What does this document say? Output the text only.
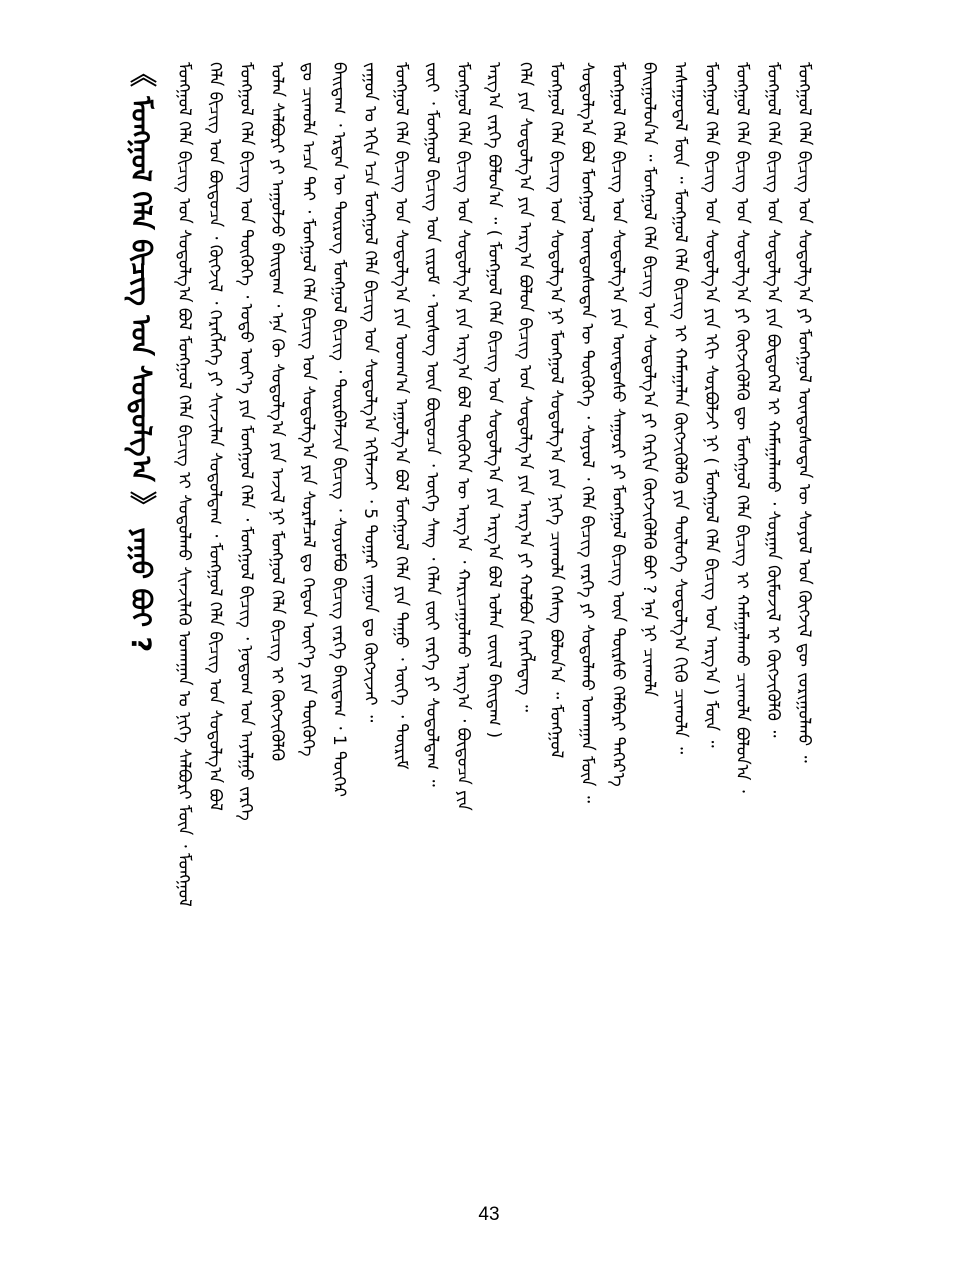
《 ᠮᠣᠩᠭᠣᠯ ᠬᠡᠯᠡ ᠪᠢᠴᠢᠭ ᠤᠨ ᠰᠤᠳᠤᠯᠭ᠎ᠠ 》 ᠶᠠᠭᠤ ᠪᠤᠢ ?	ᠮᠣᠩᠭᠣᠯ ᠬᠡᠯᠡ ᠪᠢᠴᠢᠭ ᠤᠨ ᠰᠤᠳᠤᠯᠭ᠎ᠠ ᠪᠣᠯ ᠮᠣᠩᠭᠣᠯ ᠬᠡᠯᠡ ᠪᠢᠴᠢᠭ ᠢ ᠰᠤᠳᠤᠯᠬᠤ ᠰᠢᠨᠵᠢᠯᠡᠬᠦ ᠤᠬᠠᠭᠠᠨ ᠤ ᠨᠢᠭᠡ ᠰᠠᠯᠪᠤᠷᠢ ᠮᠥᠨ ᠂ ᠮᠣᠩᠭᠣᠯ ᠬᠡᠯᠡ ᠪᠢᠴᠢᠭ ᠤᠨ ᠪᠦᠲᠦᠴᠡ ᠂ ᠬᠦᠭᠵᠢᠯ ᠂ ᠬᠡᠷᠡᠭᠯᠡᠭᠡ ᠶᠢ ᠰᠢᠨᠵᠢᠯᠡᠨ ᠰᠤᠳᠤᠯᠳᠠᠭ ᠂ ᠮᠣᠩᠭᠣᠯ ᠬᠡᠯᠡ ᠪᠢᠴᠢᠭ ᠤᠨ ᠰᠤᠳᠤᠯᠭ᠎ᠠ ᠪᠣᠯ ᠮᠣᠩᠭᠣᠯ ᠬᠡᠯᠡ ᠪᠢᠴᠢᠭ ᠤᠨ ᠲᠦᠭᠦᠬᠡ ᠂ ᠣᠳᠣ ᠦᠶ᠎ᠡ ᠶᠢᠨ ᠮᠣᠩᠭᠣᠯ ᠬᠡᠯᠡ ᠂ ᠮᠣᠩᠭᠣᠯ ᠪᠢᠴᠢᠭ ᠂ ᠨᠤᠲᠤᠭ ᠤᠨ ᠠᠶᠠᠯᠭᠤ ᠵᠡᠷᠭᠡ ᠣᠯᠠᠨ ᠰᠠᠯᠪᠤᠷᠢ ᠶᠢ ᠠᠭᠤᠯᠵᠤ ᠪᠠᠢᠳᠠᠭ ᠂ ᠡᠨᠡ ᠬᠦ ᠰᠤᠳᠤᠯᠭ᠎ᠠ ᠶᠢᠨ ᠠᠵᠢᠯ ᠨᠢ ᠮᠣᠩᠭᠣᠯ ᠬᠡᠯᠡ ᠪᠢᠴᠢᠭ ᠢ ᠬᠥᠭᠵᠢᠭᠦᠯᠬᠦ ᠳᠤ ᠴᠢᠬᠤᠯᠠ ᠠᠴᠠ ᠲᠠᠢ ᠂ ᠮᠣᠩᠭᠣᠯ ᠬᠡᠯᠡ ᠪᠢᠴᠢᠭ ᠤᠨ ᠰᠤᠳᠤᠯᠭ᠎ᠠ ᠶᠢᠨ ᠰᠤᠷᠠᠯᠴᠠᠯ ᠳᠤ ᠬᠡᠳᠦᠨ ᠦᠶ᠎ᠡ ᠶᠢᠨ ᠲᠦᠭᠦᠬᠡ ᠪᠠᠢᠳᠠᠭ ᠂ ᠡᠷᠲᠡᠨ ᠦ ᠲᠦᠷᠦᠭ ᠮᠣᠩᠭᠣᠯ ᠪᠢᠴᠢᠭ ᠂ ᠳᠥᠷᠪᠡᠯᠵᠢᠨ ᠪᠢᠴᠢᠭ ᠂ ᠰᠣᠶᠤᠮᠪᠤ ᠪᠢᠴᠢᠭ ᠵᠡᠷᠭᠡ ᠪᠠᠢᠳᠠᠭ ᠂ 1 ᠳᠦᠭᠡᠷ ᠵᠠᠭᠤᠨ ᠤ ᠡᠬᠢᠨ ᠡᠴᠡ ᠮᠣᠩᠭᠣᠯ ᠬᠡᠯᠡ ᠪᠢᠴᠢᠭ ᠤᠨ ᠰᠤᠳᠤᠯᠭ᠎ᠠ ᠡᠬᠢᠯᠡᠵᠡᠢ ᠂ 5 ᠳᠤᠭᠠᠷ ᠵᠠᠭᠤᠨ ᠳᠤ ᠬᠥᠭᠵᠢᠵᠡᠢ ᠃ ᠮᠣᠩᠭᠣᠯ ᠬᠡᠯᠡ ᠪᠢᠴᠢᠭ ᠤᠨ ᠰᠤᠳᠤᠯᠭ᠎ᠠ ᠶᠢᠨ ᠤᠳᠬ᠎ᠠ ᠠᠭᠤᠯᠭ᠎ᠠ ᠪᠣᠯ ᠮᠣᠩᠭᠣᠯ ᠬᠡᠯᠡ ᠶᠢᠨ ᠳᠠᠭᠤ ᠂ ᠦᠭᠡ ᠂ ᠳᠦᠷᠢᠮ ᠵᠦᠢ ᠂ ᠮᠣᠩᠭᠣᠯ ᠪᠢᠴᠢᠭ ᠤᠨ ᠵᠢᠷᠤᠮ ᠂ ᠦᠰᠦᠭ ᠦᠨ ᠪᠦᠲᠦᠴᠡ ᠂ ᠦᠭᠡ ᠰᠠᠩ ᠂ ᠬᠡᠯᠡᠨ ᠵᠦᠢ ᠵᠡᠷᠭᠡ ᠶᠢ ᠰᠤᠳᠤᠯᠳᠠᠭ ᠃ ᠮᠣᠩᠭᠣᠯ ᠬᠡᠯᠡ ᠪᠢᠴᠢᠭ ᠤᠨ ᠰᠤᠳᠤᠯᠭ᠎ᠠ ᠶᠢᠨ ᠠᠷᠭ᠎ᠠ ᠪᠣᠯ ᠲᠦᠭᠦᠬᠡᠨ ᠦ ᠠᠷᠭ᠎ᠠ ᠂ ᠬᠠᠷᠢᠴᠠᠭᠤᠯᠬᠤ ᠠᠷᠭ᠎ᠠ ᠂ ᠪᠦᠲᠦᠴᠡ ᠶᠢᠨ ᠠᠷᠭ᠎ᠠ ᠵᠡᠷᠭᠡ ᠪᠣᠯᠤᠨ᠎ᠠ ᠃ ( ᠮᠣᠩᠭᠣᠯ ᠬᠡᠯᠡ ᠪᠢᠴᠢᠭ ᠤᠨ ᠰᠤᠳᠤᠯᠭ᠎ᠠ ᠶᠢᠨ ᠠᠷᠭ᠎ᠠ ᠪᠣᠯ ᠣᠯᠠᠨ ᠵᠦᠢᠯ ᠪᠠᠢᠳᠠᠭ ) ᠬᠡᠯᠡ ᠶᠢᠨ ᠰᠤᠳᠤᠯᠭ᠎ᠠ ᠶᠢᠨ ᠠᠷᠭ᠎ᠠ ᠪᠣᠯᠤᠨ ᠪᠢᠴᠢᠭ ᠤᠨ ᠰᠤᠳᠤᠯᠭ᠎ᠠ ᠶᠢᠨ ᠠᠷᠭ᠎ᠠ ᠶᠢ ᠬᠣᠯᠪᠣᠨ ᠬᠡᠷᠡᠭᠯᠡᠳᠡᠭ ᠃ ᠮᠣᠩᠭᠣᠯ ᠬᠡᠯᠡ ᠪᠢᠴᠢᠭ ᠤᠨ ᠰᠤᠳᠤᠯᠭ᠎ᠠ ᠨᠢ ᠮᠣᠩᠭᠣᠯ ᠰᠤᠳᠤᠯᠭ᠎ᠠ ᠶᠢᠨ ᠨᠢᠭᠡ ᠴᠢᠬᠤᠯᠠ ᠬᠡᠰᠡᠭ ᠪᠣᠯᠤᠨ᠎ᠠ ᠃ ᠮᠣᠩᠭᠣᠯ ᠰᠤᠳᠤᠯᠭ᠎ᠠ ᠪᠣᠯ ᠮᠣᠩᠭᠣᠯ ᠦᠨᠳᠦᠰᠦᠲᠡᠨ ᠦ ᠲᠦᠭᠦᠬᠡ ᠂ ᠰᠣᠶᠤᠯ ᠂ ᠬᠡᠯᠡ ᠪᠢᠴᠢᠭ ᠵᠡᠷᠭᠡ ᠶᠢ ᠰᠤᠳᠤᠯᠬᠤ ᠤᠬᠠᠭᠠᠨ ᠮᠥᠨ ᠃ ᠮᠣᠩᠭᠣᠯ ᠬᠡᠯᠡ ᠪᠢᠴᠢᠭ ᠤᠨ ᠰᠤᠳᠤᠯᠭ᠎ᠠ ᠶᠢᠨ ᠦᠨᠳᠦᠰᠦ ᠰᠠᠭᠤᠷᠢ ᠶᠢ ᠮᠣᠩᠭᠣᠯ ᠪᠢᠴᠢᠭ ᠦᠨ ᠳᠦᠷᠰᠦ ᠬᠡᠯᠪᠡᠷᠢ ᠳᠡᠭᠡᠷ᠎ᠡ ᠪᠠᠢᠭᠤᠯᠤᠨ᠎ᠠ ᠃ ᠮᠣᠩᠭᠣᠯ ᠬᠡᠯᠡ ᠪᠢᠴᠢᠭ ᠤᠨ ᠰᠤᠳᠤᠯᠭ᠎ᠠ ᠶᠢ ᠬᠡᠷᠬᠢᠨ ᠬᠥᠭᠵᠢᠭᠦᠯᠬᠦ ᠪᠤᠢ ? ᠡᠨᠡ ᠨᠢ ᠴᠢᠬᠤᠯᠠ ᠠᠰᠠᠭᠤᠳᠠᠯ ᠮᠥᠨ ᠃ ᠮᠣᠩᠭᠣᠯ ᠬᠡᠯᠡ ᠪᠢᠴᠢᠭ ᠢ ᠬᠠᠮᠠᠭᠠᠯᠠᠨ ᠬᠥᠭᠵᠢᠭᠦᠯᠬᠦ ᠶᠢᠨ ᠲᠥᠯᠥᠭᠡ ᠰᠤᠳᠤᠯᠭ᠎ᠠ ᠬᠢᠬᠦ ᠴᠢᠬᠤᠯᠠ ᠃ ᠮᠣᠩᠭᠣᠯ ᠬᠡᠯᠡ ᠪᠢᠴᠢᠭ ᠤᠨ ᠰᠤᠳᠤᠯᠭ᠎ᠠ ᠶᠢᠨ ᠡᠬᠢ ᠰᠤᠷᠪᠤᠯᠵᠢ ᠨᠢ ( ᠮᠣᠩᠭᠣᠯ ᠬᠡᠯᠡ ᠪᠢᠴᠢᠭ ᠤᠨ ᠠᠷᠭ᠎ᠠ ) ᠮᠥᠨ ᠃ ᠮᠣᠩᠭᠣᠯ ᠬᠡᠯᠡ ᠪᠢᠴᠢᠭ ᠤᠨ ᠰᠤᠳᠤᠯᠭ᠎ᠠ ᠶᠢ ᠬᠥᠭᠵᠢᠭᠦᠯᠬᠦ ᠳᠦ ᠮᠣᠩᠭᠣᠯ ᠬᠡᠯᠡ ᠪᠢᠴᠢᠭ ᠢ ᠬᠠᠮᠠᠭᠠᠯᠠᠬᠤ ᠴᠢᠬᠤᠯᠠ ᠪᠣᠯᠤᠨ᠎ᠠ ᠂ ᠮᠣᠩᠭᠣᠯ ᠬᠡᠯᠡ ᠪᠢᠴᠢᠭ ᠤᠨ ᠰᠤᠳᠤᠯᠭ᠎ᠠ ᠶᠢᠨ ᠪᠦᠲᠦᠭᠡᠯ ᠢ ᠬᠠᠮᠠᠭᠠᠯᠠᠬᠤ ᠂ ᠰᠤᠷᠭᠠᠨ ᠬᠥᠮᠦᠵᠢᠯ ᠢ ᠬᠥᠭᠵᠢᠭᠦᠯᠬᠦ ᠃ ᠮᠣᠩᠭᠣᠯ ᠬᠡᠯᠡ ᠪᠢᠴᠢᠭ ᠤᠨ ᠰᠤᠳᠤᠯᠭ᠎ᠠ ᠶᠢ ᠮᠣᠩᠭᠣᠯ ᠦᠨᠳᠦᠰᠦᠲᠡᠨ ᠦ ᠰᠣᠶᠤᠯ ᠤᠨ ᠬᠥᠭᠵᠢᠯ ᠳᠦ ᠵᠣᠷᠢᠭᠤᠯᠬᠤ ᠃
43
